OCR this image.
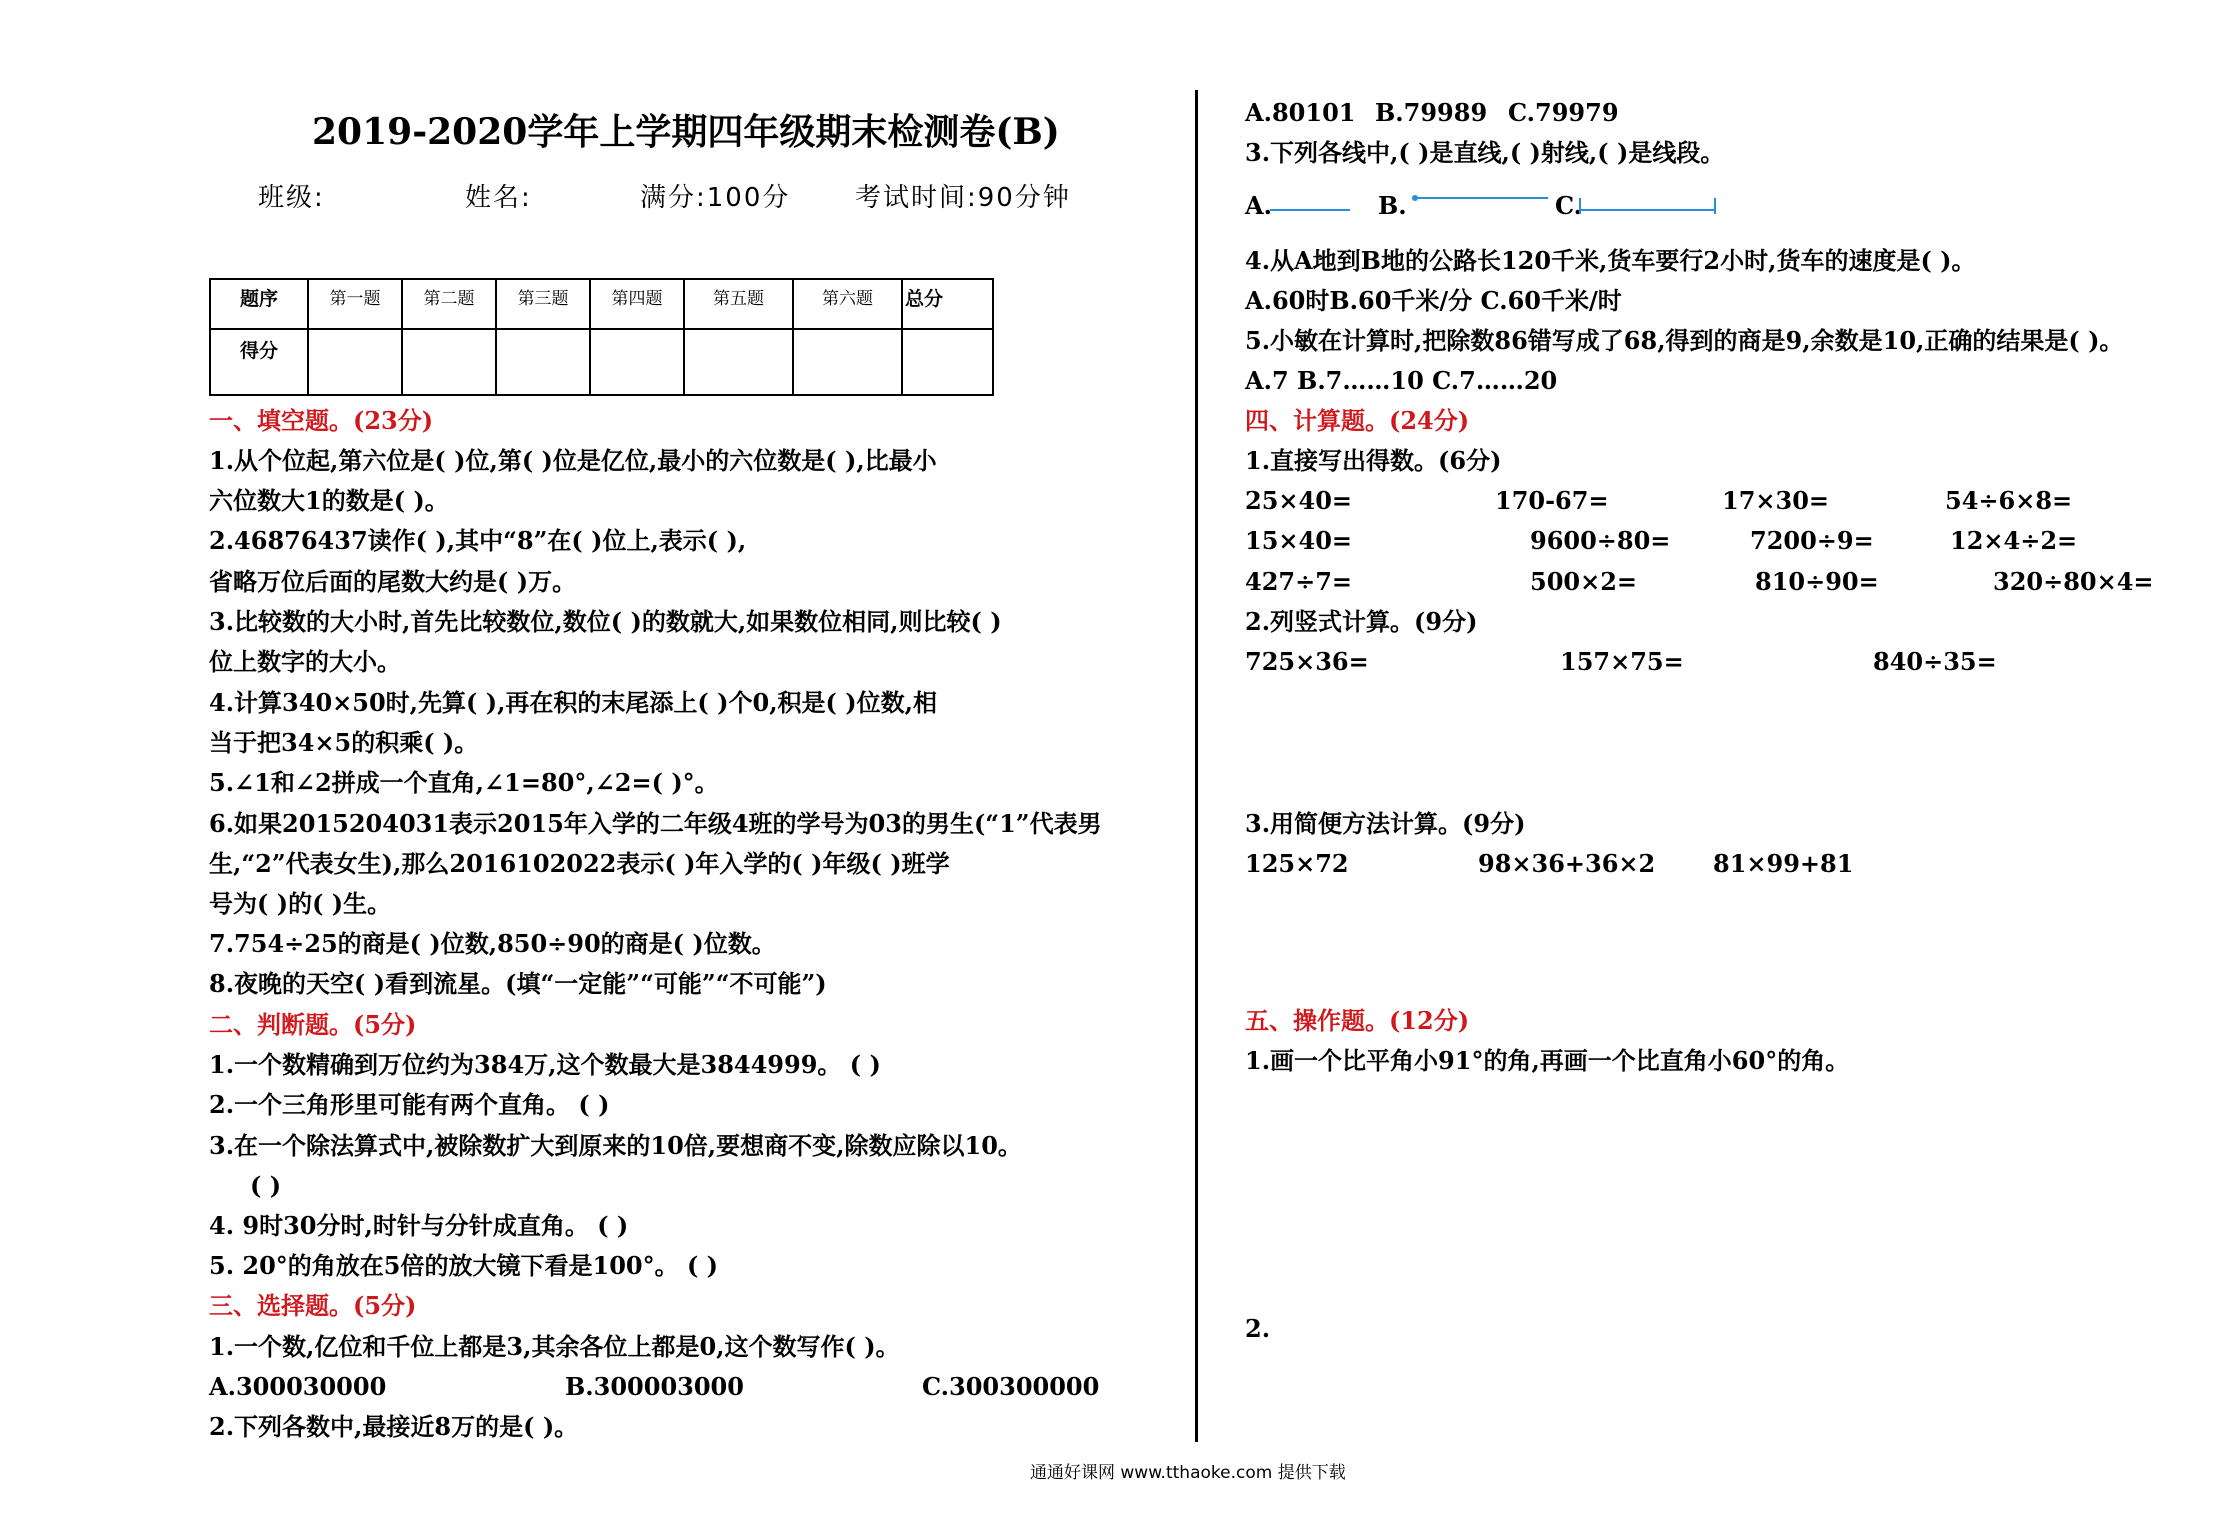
2019-2020学年上学期四年级期末检测卷(B)
班级:	姓名:	满分:100分 考试时间:90分钟
题序	第一题	第二题	第三题	第四题	第五题	第六题	总分
得分							
一、填空题。(23分)
1.从个位起,第六位是( )位,第( )位是亿位,最小的六位数是( ),比最小
六位数大1的数是( )。
2.46876437读作( ),其中“8”在( )位上,表示( ),
省略万位后面的尾数大约是( )万。
3.比较数的大小时,首先比较数位,数位( )的数就大,如果数位相同,则比较( )
位上数字的大小。
4.计算340×50时,先算( ),再在积的末尾添上( )个0,积是( )位数,相
当于把34×5的积乘( )。
5.∠1和∠2拼成一个直角,∠1=80°,∠2=( )°。
6.如果2015204031表示2015年入学的二年级4班的学号为03的男生(“1”代表男
生,“2”代表女生),那么2016102022表示( )年入学的( )年级( )班学
号为( )的( )生。
7.754÷25的商是( )位数,850÷90的商是( )位数。
8.夜晚的天空( )看到流星。(填“一定能”“可能”“不可能”)
二、判断题。(5分)
1.一个数精确到万位约为384万,这个数最大是3844999。 ( )
2.一个三角形里可能有两个直角。 ( )
3.在一个除法算式中,被除数扩大到原来的10倍,要想商不变,除数应除以10。
( )
4. 9时30分时,时针与分针成直角。 ( )
5. 20°的角放在5倍的放大镜下看是100°。 ( )
三、选择题。(5分)
1.一个数,亿位和千位上都是3,其余各位上都是0,这个数写作( )。
A.300030000	B.300003000	C.300300000
2.下列各数中,最接近8万的是( )。
A.80101 B.79989 C.79979
3.下列各线中,( )是直线,( )射线,( )是线段。
A.	B.	C.
4.从A地到B地的公路长120千米,货车要行2小时,货车的速度是( )。
A.60时B.60千米/分 C.60千米/时
5.小敏在计算时,把除数86错写成了68,得到的商是9,余数是10,正确的结果是( )。
A.7 B.7……10 C.7……20
四、计算题。(24分)
1.直接写出得数。(6分)
25×40=	170-67=	17×30=	54÷6×8=
15×40=	9600÷80=	7200÷9=	12×4÷2=
427÷7=	500×2=	810÷90=	320÷80×4=
2.列竖式计算。(9分)
725×36=	157×75=	840÷35=
3.用简便方法计算。(9分)
125×72	98×36+36×2 81×99+81
五、操作题。(12分)
1.画一个比平角小91°的角,再画一个比直角小60°的角。
2.
通通好课网 www.tthaoke.com 提供下载
